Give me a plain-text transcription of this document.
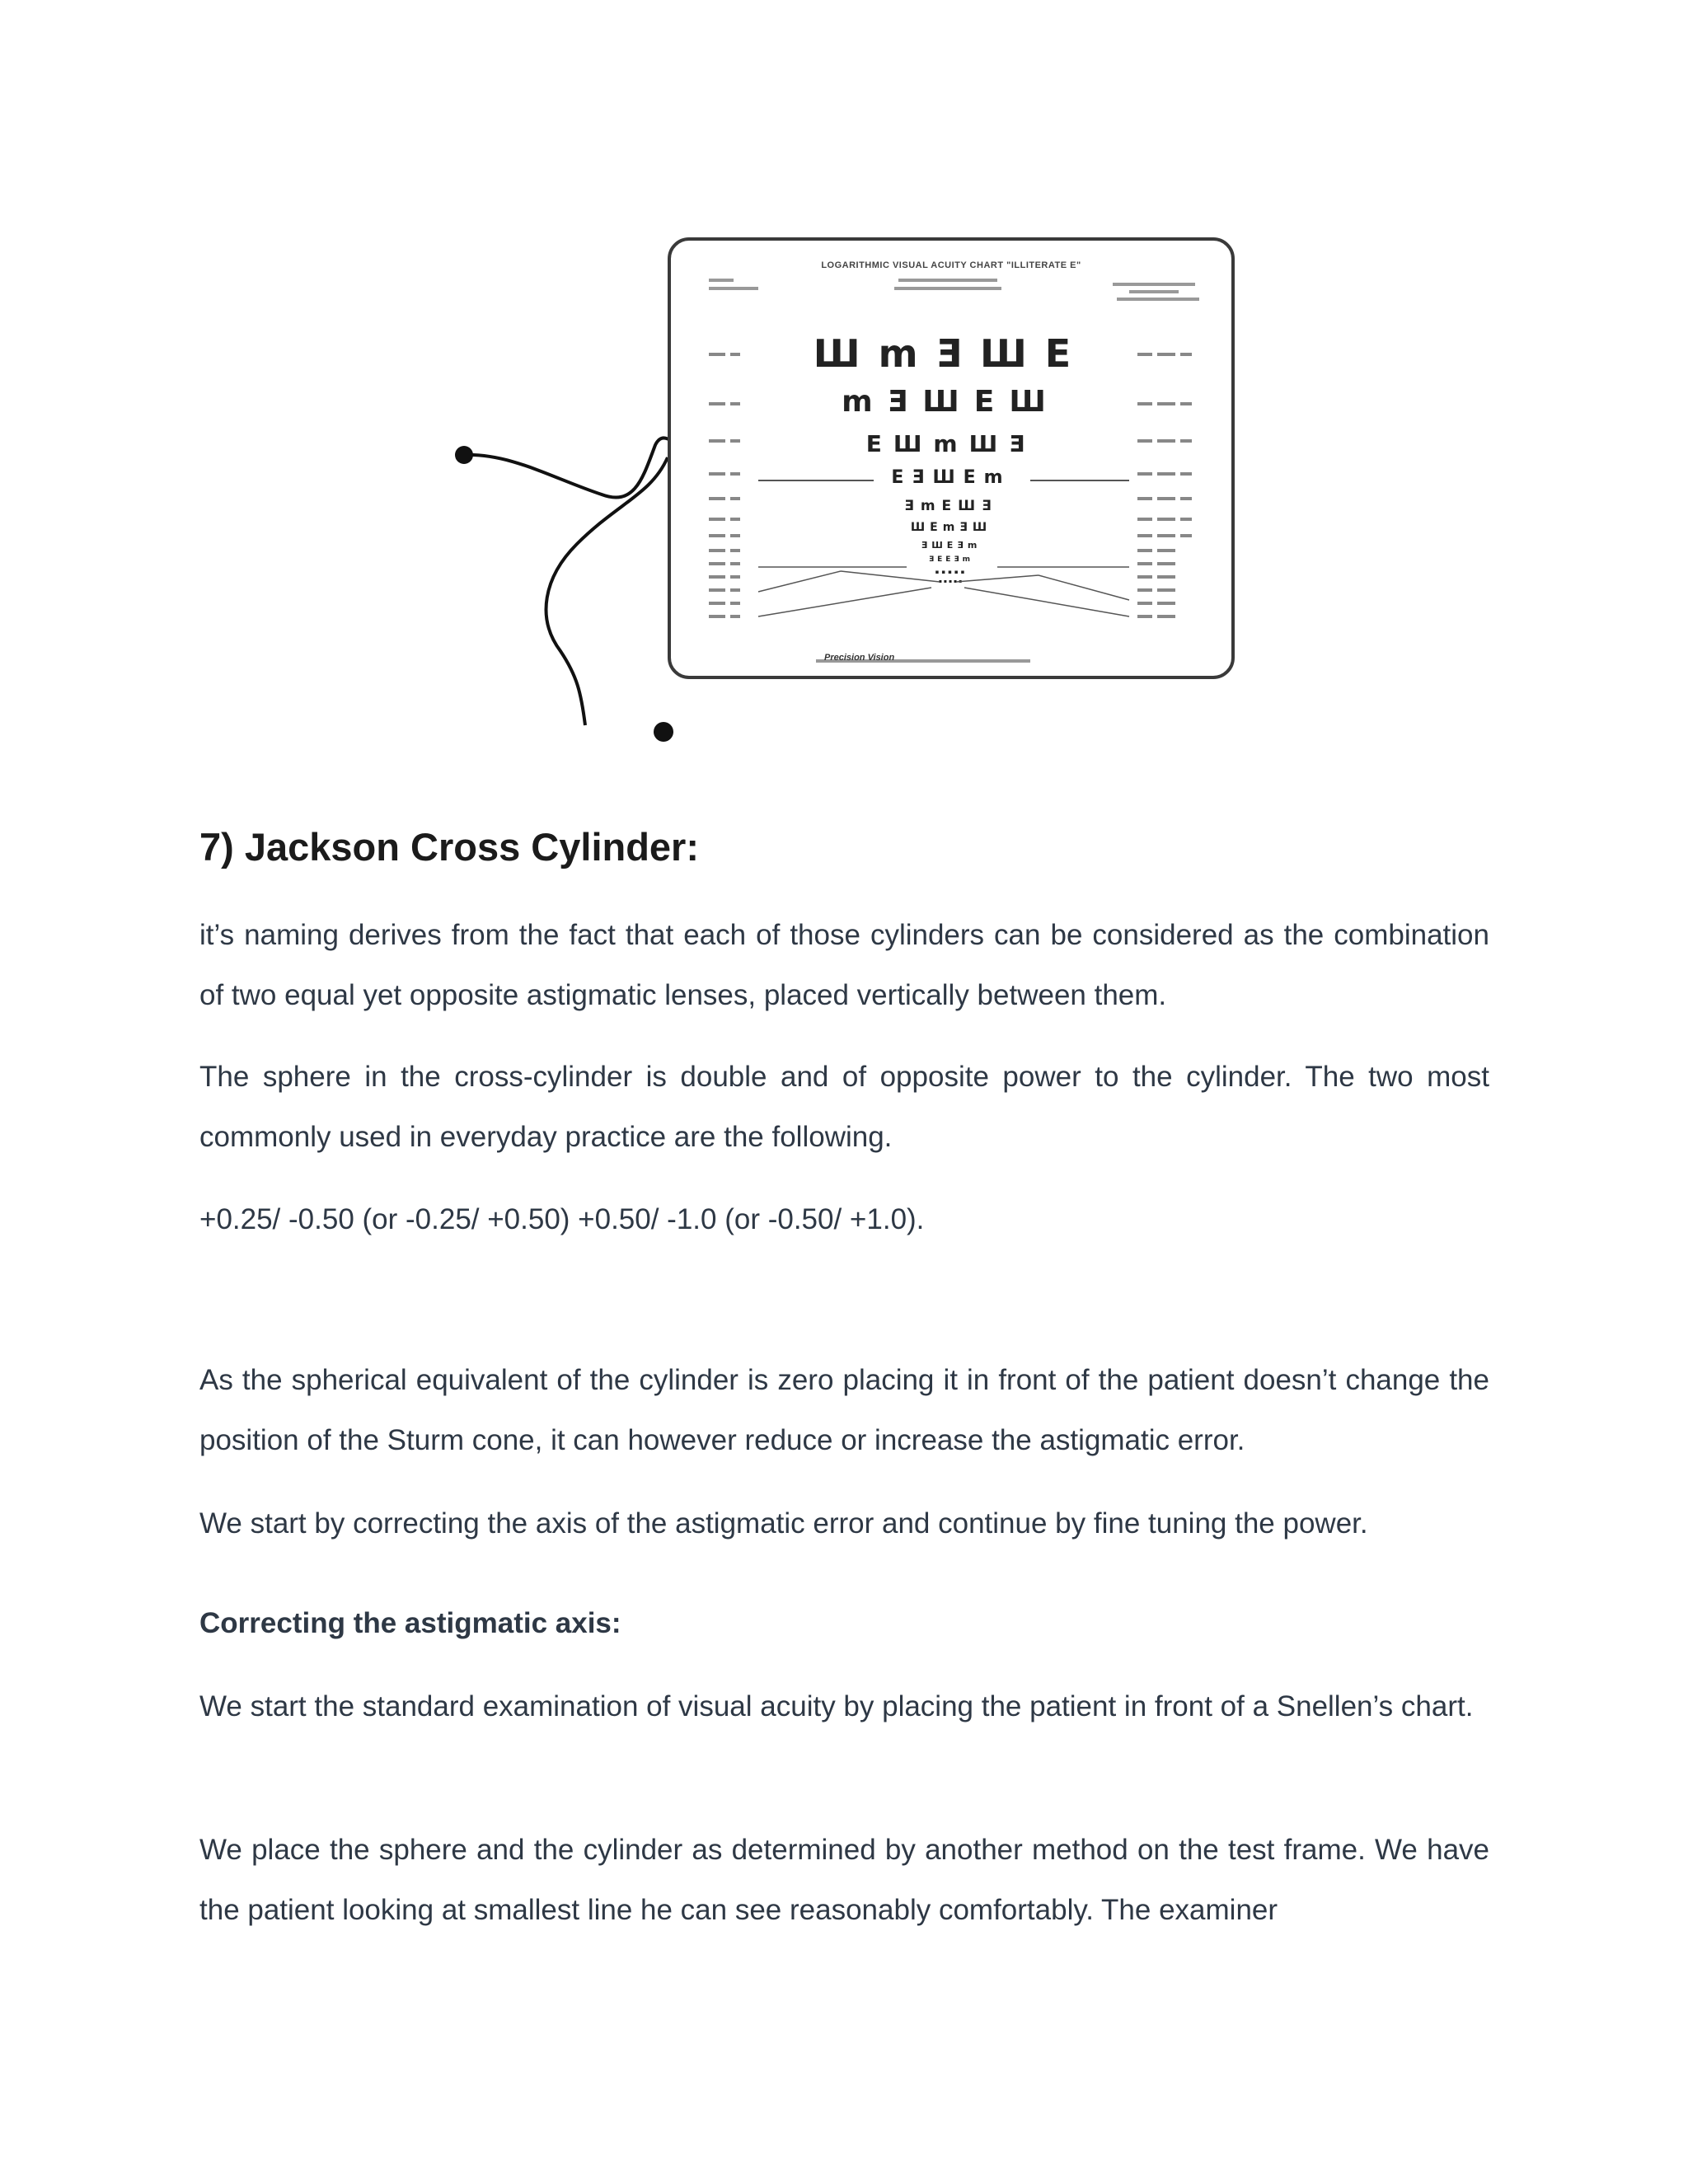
LOGARITHMIC VISUAL ACUITY CHART "ILLITERATE E"
ШmƎШE
mƎШEШ
EШmШƎ
EƎШEm
ƎmEШƎ
ШEmƎШ
ƎШEƎm
ƎEEƎm
▪▪▪▪▪
▪▪▪▪▪
Precision Vision
7) Jackson Cross Cylinder:

it’s naming derives from the fact that each of those cylinders can be considered as the combination of two equal yet opposite astigmatic lenses, placed vertically between them.

The sphere in the cross-cylinder is double and of opposite power to the cylinder. The two most commonly used in everyday practice are the following.

+0.25/ -0.50 (or -0.25/ +0.50) +0.50/ -1.0 (or -0.50/ +1.0).

As the spherical equivalent of the cylinder is zero placing it in front of the patient doesn’t change the position of the Sturm cone, it can however reduce or increase the astigmatic error.

We start by correcting the axis of the astigmatic error and continue by fine tuning the power.

Correcting the astigmatic axis:

We start the standard examination of visual acuity by placing the patient in front of a Snellen’s chart.

We place the sphere and the cylinder as determined by another method on the test frame. We have the patient looking at smallest line he can see reasonably comfortably. The examiner
